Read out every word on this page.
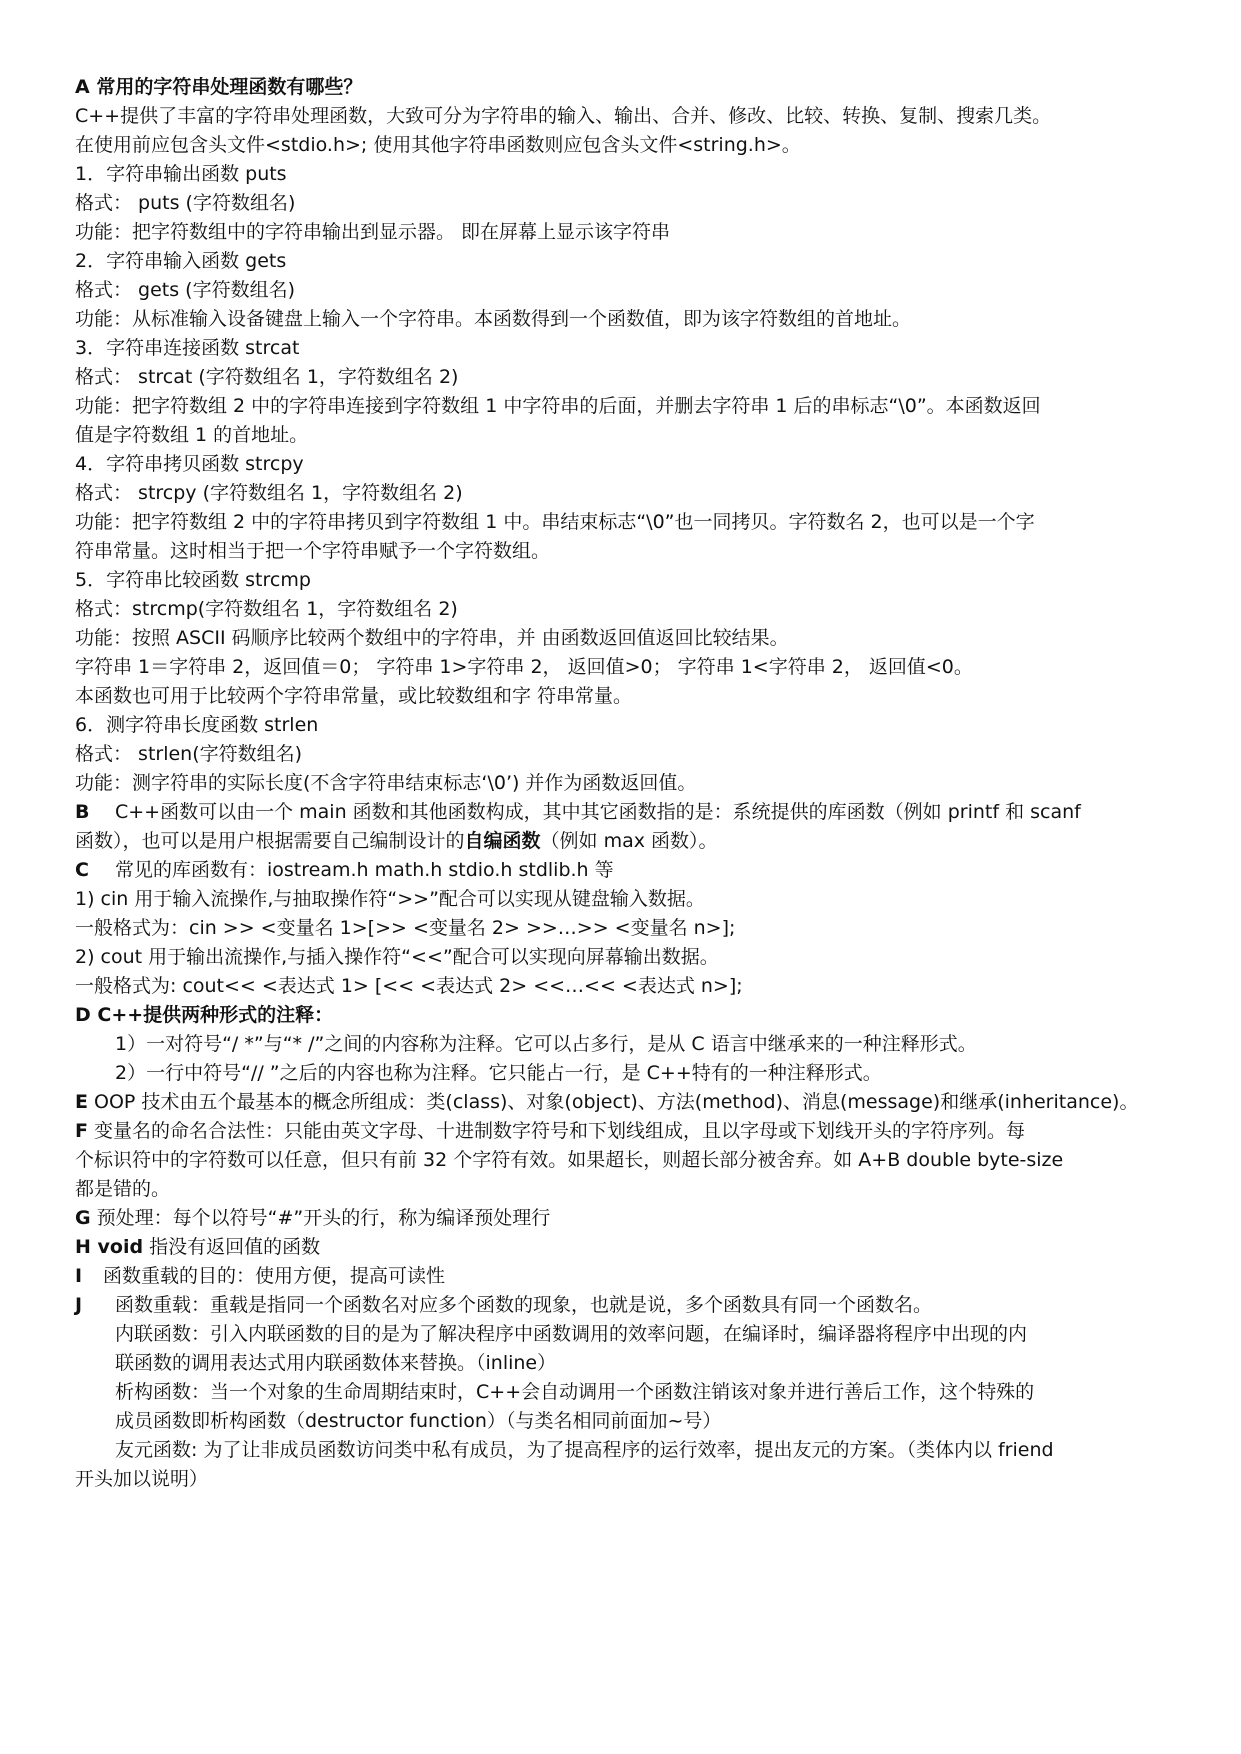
A 常用的字符串处理函数有哪些？
C++提供了丰富的字符串处理函数，大致可分为字符串的输入、输出、合并、修改、比较、转换、复制、搜索几类。
在使用前应包含头文件<stdio.h>; 使用其他字符串函数则应包含头文件<string.h>。
1．字符串输出函数 puts
格式： puts (字符数组名)
功能：把字符数组中的字符串输出到显示器。 即在屏幕上显示该字符串
2．字符串输入函数 gets
格式： gets (字符数组名)
功能：从标准输入设备键盘上输入一个字符串。本函数得到一个函数值，即为该字符数组的首地址。
3．字符串连接函数 strcat
格式： strcat (字符数组名 1，字符数组名 2)
功能：把字符数组 2 中的字符串连接到字符数组 1 中字符串的后面，并删去字符串 1 后的串标志“\0”。本函数返回
值是字符数组 1 的首地址。
4．字符串拷贝函数 strcpy
格式： strcpy (字符数组名 1，字符数组名 2)
功能：把字符数组 2 中的字符串拷贝到字符数组 1 中。串结束标志“\0”也一同拷贝。字符数名 2，也可以是一个字
符串常量。这时相当于把一个字符串赋予一个字符数组。
5．字符串比较函数 strcmp
格式：strcmp(字符数组名 1，字符数组名 2)
功能：按照 ASCII 码顺序比较两个数组中的字符串，并 由函数返回值返回比较结果。
字符串 1＝字符串 2，返回值＝0； 字符串 1>字符串 2， 返回值>0； 字符串 1<字符串 2， 返回值<0。
本函数也可用于比较两个字符串常量，或比较数组和字 符串常量。
6．测字符串长度函数 strlen
格式： strlen(字符数组名)
功能：测字符串的实际长度(不含字符串结束标志‘\0’) 并作为函数返回值。
B C++函数可以由一个 main 函数和其他函数构成，其中其它函数指的是：系统提供的库函数（例如 printf 和 scanf
函数），也可以是用户根据需要自己编制设计的自编函数（例如 max 函数）。
C 常见的库函数有：iostream.h math.h stdio.h stdlib.h 等
1) cin 用于输入流操作,与抽取操作符“>>”配合可以实现从键盘输入数据。
一般格式为：cin >> <变量名 1>[>> <变量名 2> >>…>> <变量名 n>];
2) cout 用于输出流操作,与插入操作符“<<”配合可以实现向屏幕输出数据。
一般格式为: cout<< <表达式 1> [<< <表达式 2> <<…<< <表达式 n>];
D C++提供两种形式的注释：
1）一对符号“/ *”与“* /”之间的内容称为注释。它可以占多行，是从 C 语言中继承来的一种注释形式。
2）一行中符号“// ”之后的内容也称为注释。它只能占一行，是 C++特有的一种注释形式。
E OOP 技术由五个最基本的概念所组成：类(class)、对象(object)、方法(method)、消息(message)和继承(inheritance)。
F 变量名的命名合法性：只能由英文字母、十进制数字符号和下划线组成，且以字母或下划线开头的字符序列。每
个标识符中的字符数可以任意，但只有前 32 个字符有效。如果超长，则超长部分被舍弃。如 A+B double byte-size
都是错的。
G 预处理：每个以符号“#”开头的行，称为编译预处理行
H void 指没有返回值的函数
I 函数重载的目的：使用方便，提高可读性
J 函数重载：重载是指同一个函数名对应多个函数的现象，也就是说，多个函数具有同一个函数名。
内联函数：引入内联函数的目的是为了解决程序中函数调用的效率问题，在编译时，编译器将程序中出现的内
联函数的调用表达式用内联函数体来替换。（inline）
析构函数：当一个对象的生命周期结束时，C++会自动调用一个函数注销该对象并进行善后工作，这个特殊的
成员函数即析构函数（destructor function）（与类名相同前面加~号）
友元函数: 为了让非成员函数访问类中私有成员，为了提高程序的运行效率，提出友元的方案。（类体内以 friend
开头加以说明）
